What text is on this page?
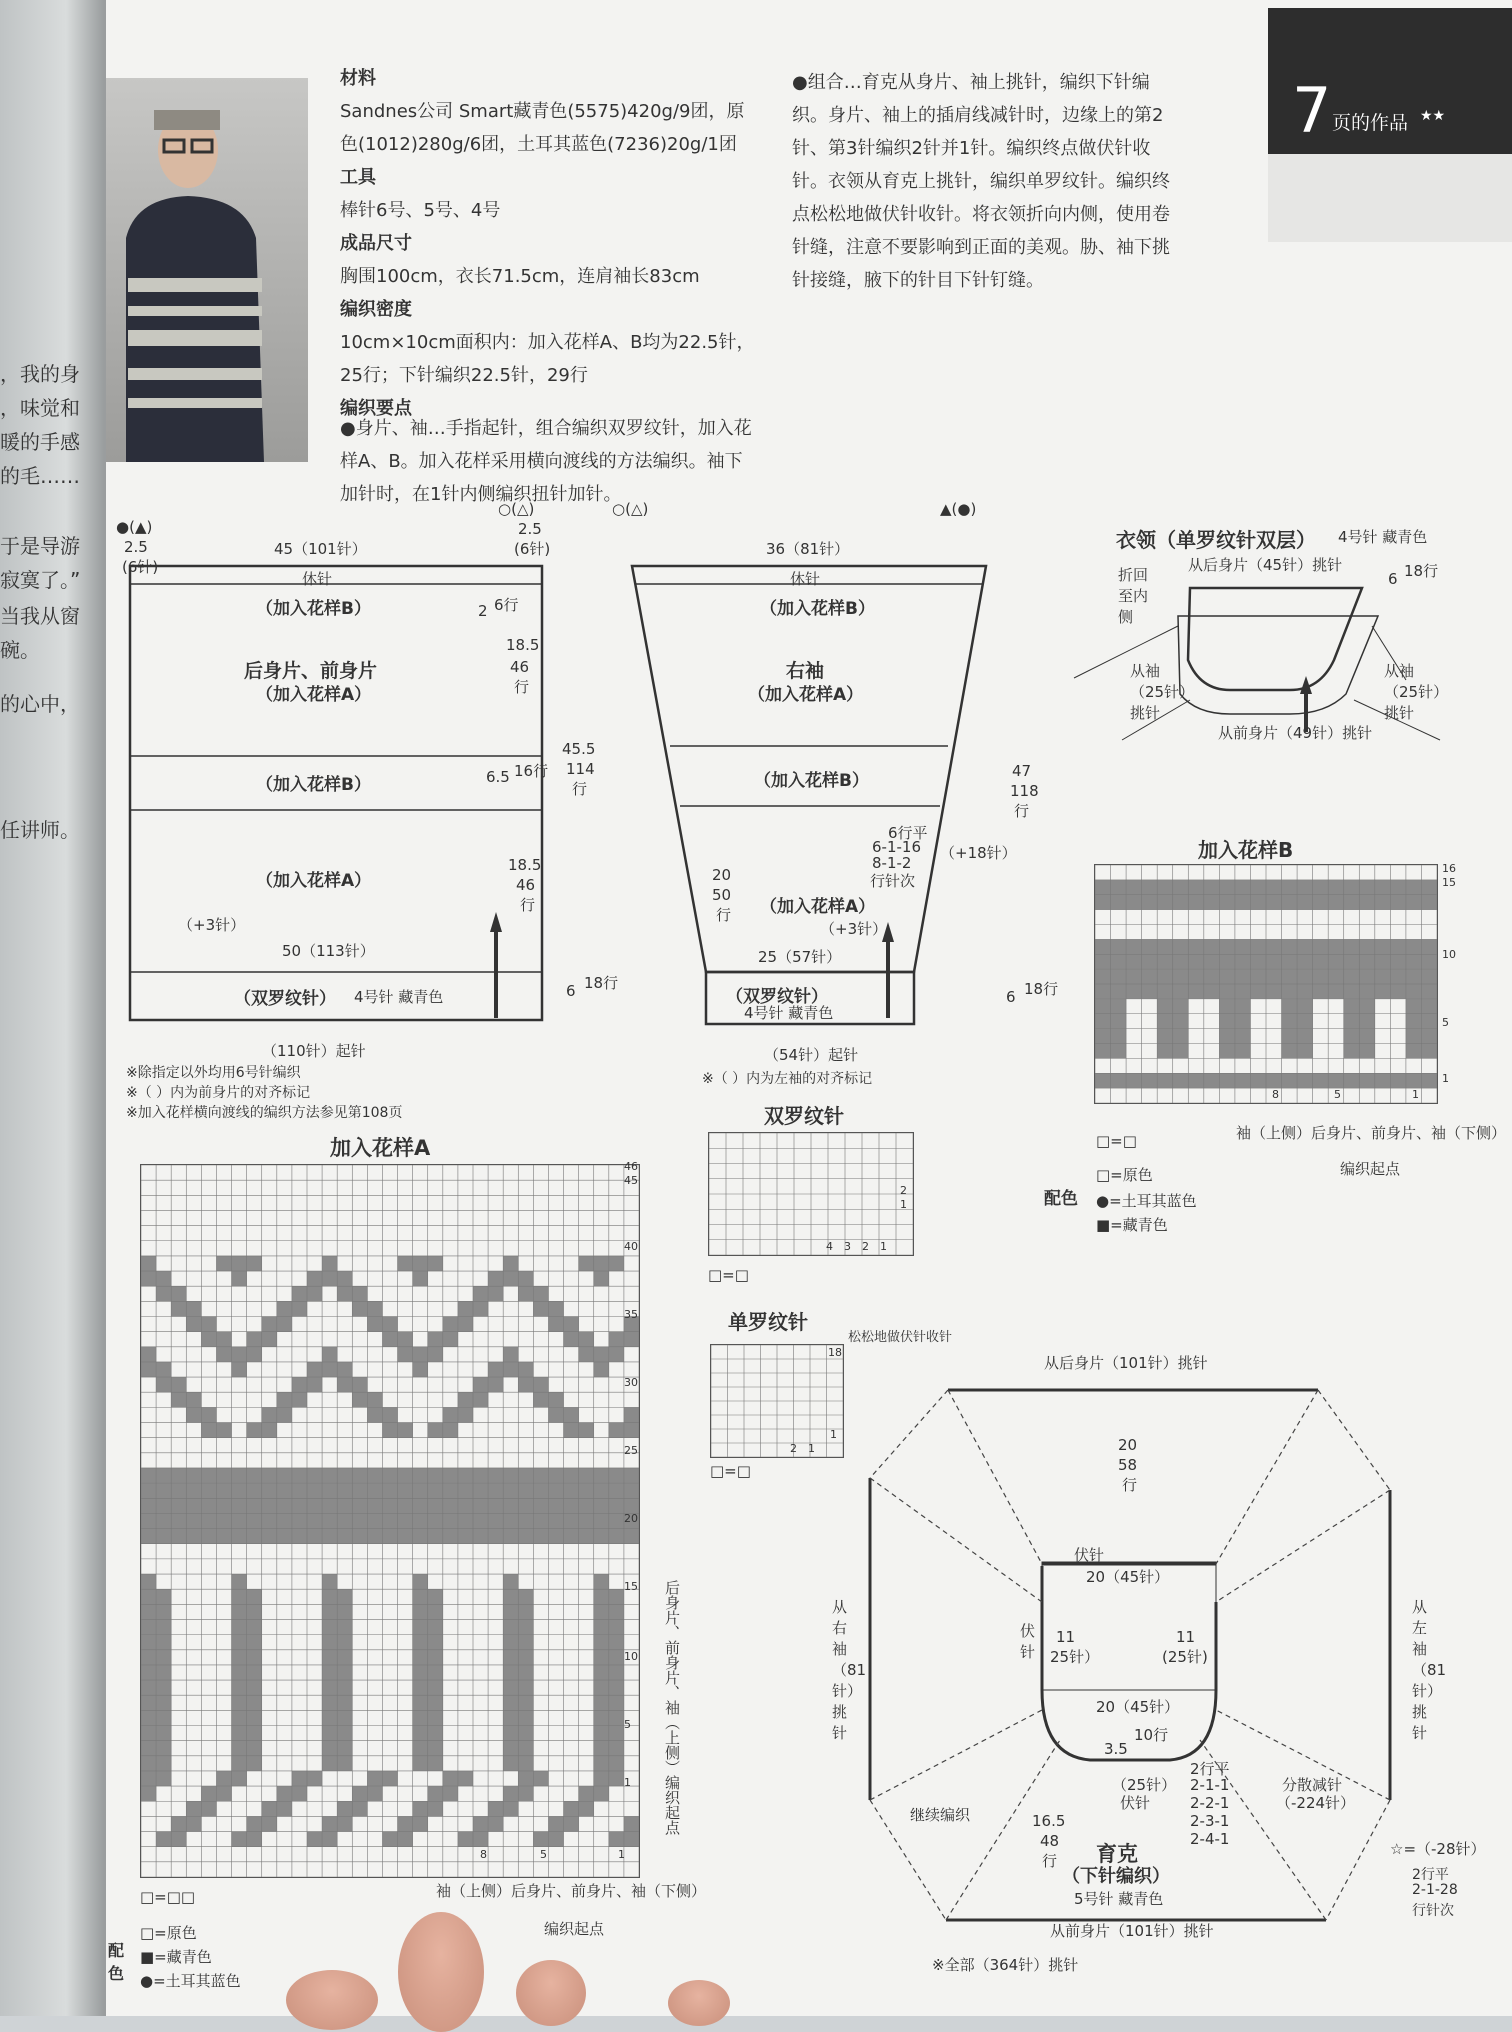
，我的身
，味觉和
暖的手感
的毛……
于是导游
寂寞了。”
当我从窗
碗。
的心中，
任讲师。
材料
Sandnes公司 Smart藏青色(5575)420g/9团，原色(1012)280g/6团，土耳其蓝色(7236)20g/1团
工具
棒针6号、5号、4号
成品尺寸
胸围100cm，衣长71.5cm，连肩袖长83cm
编织密度
10cm×10cm面积内：加入花样A、B均为22.5针，25行；下针编织22.5针，29行
编织要点
●身片、袖…手指起针，组合编织双罗纹针，加入花样A、B。加入花样采用横向渡线的方法编织。袖下加针时，在1针内侧编织扭针加针。
●组合…育克从身片、袖上挑针，编织下针编织。身片、袖上的插肩线减针时，边缘上的第2针、第3针编织2针并1针。编织终点做伏针收针。衣领从育克上挑针，编织单罗纹针。编织终点松松地做伏针收针。将衣领折向内侧，使用卷针缝，注意不要影响到正面的美观。胁、袖下挑针接缝，腋下的针目下针钉缝。
7 页的作品 ★★
后身片、前身片
（加入花样A）
（加入花样B）
（加入花样B）
（加入花样A）
（双罗纹针） 4号针 藏青色
（110针）起针
45（101针）
50（113针）
2.5
(6针)
2.5
(6针)
休针
（+3针）
2 6行
18.5
46
行
6.5 16行
18.5
46
行
45.5
114
行
6 18行
●(▲)
○(△)
右袖
（加入花样A）
（加入花样B）
（加入花样B）
（加入花样A）
（双罗纹针）
4号针 藏青色
（54针）起针
36（81针）
25（57针）
休针
（+3针）
6行平
6-1-16
8-1-2
行针次
（+18针）
20
50
行
47
118
行
6 18行
○(△)	▲(●)
※（ ）内为左袖的对齐标记
※除指定以外均用6号针编织
※（ ）内为前身片的对齐标记
※加入花样横向渡线的编织方法参见第108页
衣领（单罗纹针双层） 4号针 藏青色
折回至内侧
从后身片（45针）挑针
从前身片（49针）挑针
从袖（25针）挑针
从袖（25针）挑针
6 18行
加入花样B
16
15
10
5
1
8	5	1
袖（上侧）后身片、前身片、袖（下侧）
编织起点
□=□
配色
□=原色
●=土耳其蓝色
■=藏青色
双罗纹针
2
1
4 3 2 1
□=□
单罗纹针
松松地做伏针收针
18
1
2 1
□=□
加入花样A
46
45
40
35
30
25
20
15
10
5
1
8	5	1
袖（上侧）后身片、前身片、袖（下侧）
编织起点
后身片、前身片、袖（上侧）编织起点
□=□□
配色
□=原色
■=藏青色
●=土耳其蓝色
从后身片（101针）挑针
从前身片（101针）挑针
从右袖（81针）挑针
从左袖（81针）挑针
伏针
20（45针）
20（45针）
20
58
行
11
25针）
11
(25针)
伏针
3.5
10行
（25针）
伏针
2行平
2-1-1
2-2-1
2-3-1
2-4-1
分散减针
（-224针）
继续编织	16.5
48
行 育克
（下针编织）
5号针 藏青色
※全部（364针）挑针
☆=（-28针）
2行平
2-1-28
行针次
